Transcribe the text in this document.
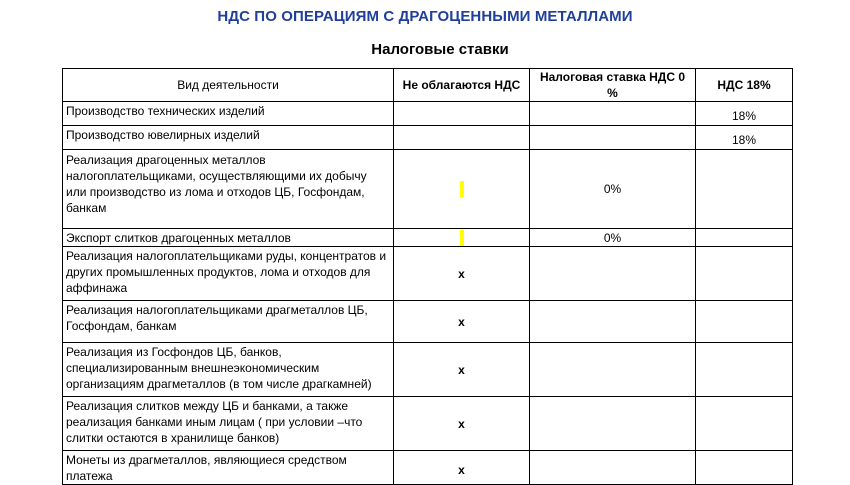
НДС ПО ОПЕРАЦИЯМ С ДРАГОЦЕННЫМИ МЕТАЛЛАМИ
Налоговые ставки
Вид деятельности	Не облагаются НДС	Налоговая ставка НДС 0 %	НДС 18%
Производство технических изделий			18%
Производство ювелирных изделий			18%
Реализация драгоценных металлов налогоплательщиками, осуществляющими их добычу или производство из лома и отходов ЦБ, Госфондам, банкам		0%	
Экспорт слитков драгоценных металлов		0%	
Реализация налогоплательщиками руды, концентратов и других промышленных продуктов, лома и отходов для аффинажа	x		
Реализация налогоплательщиками драгметаллов ЦБ, Госфондам, банкам	x		
Реализация из Госфондов ЦБ, банков, специализированным внешнеэкономическим организациям драгметаллов (в том числе драгкамней)	x		
Реализация слитков между ЦБ и банками, а также реализация банками иным лицам ( при условии –что слитки остаются в хранилище банков)	x		
Монеты из драгметаллов, являющиеся средством платежа	x		
